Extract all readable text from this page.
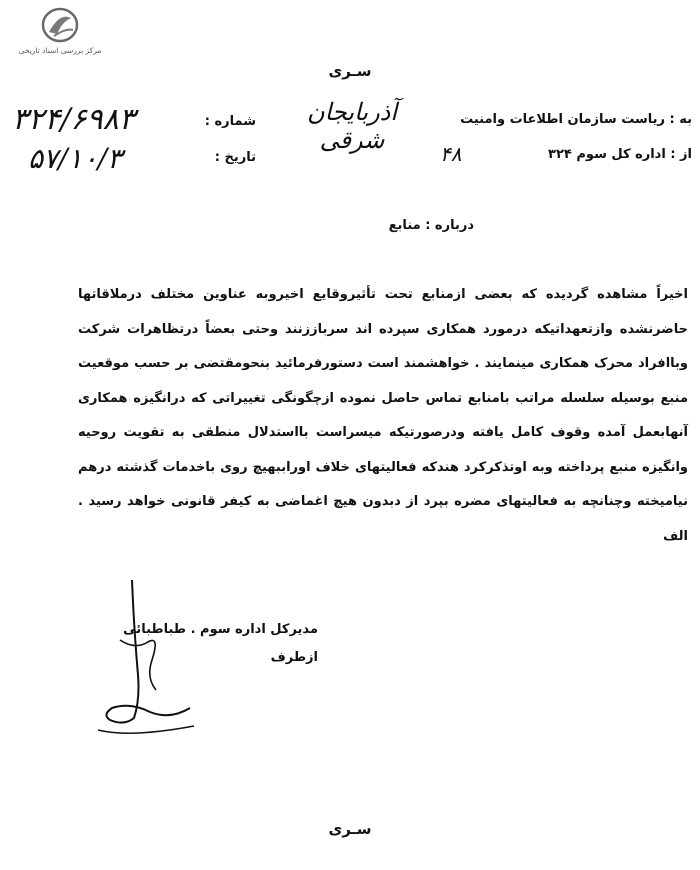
مرکز بررسی اسناد تاریخی
سـرى
به : ریاست سازمان اطلاعات وامنیت
آذربایجان شرقی
از : اداره کل سوم ۳۲۴
۴۸
شماره :
۳۲۴/۶۹۸۳
تاریخ :
۵۷/۱۰/۳
درباره : منابع
اخیراً مشاهده گردیده که بعضی ازمنابع تحت تأثیروقایع اخیروبه عناوین مختلف درملاقاتها حاضرنشده وازتعهداتیکه درمورد همکاری سپرده اند سرباززنند وحتی بعضاً درتظاهرات شرکت وباافراد محرک همکاری مینمایند . خواهشمند است دستورفرمائید بنحومقتضی بر حسب موقعیت منبع بوسیله سلسله مراتب بامنابع تماس حاصل نموده ازچگونگی تغییراتی که درانگیزه همکاری آنهابعمل آمده وقوف کامل یافته ودرصورتیکه میسراست بااستدلال منطقی به تقویت روحیه وانگیزه منبع پرداخته وبه اوتذکرکرد هندکه فعالیتهای خلاف اوراببهیچ روی باخدمات گذشته درهم نیامیخته وچنانچه به فعالیتهای مضره بپرد از دبدون هیچ اغماضی به کیفر قانونی خواهد رسید . الف
مدیرکل اداره سوم . طباطبائی
ازطرف
سـرى
